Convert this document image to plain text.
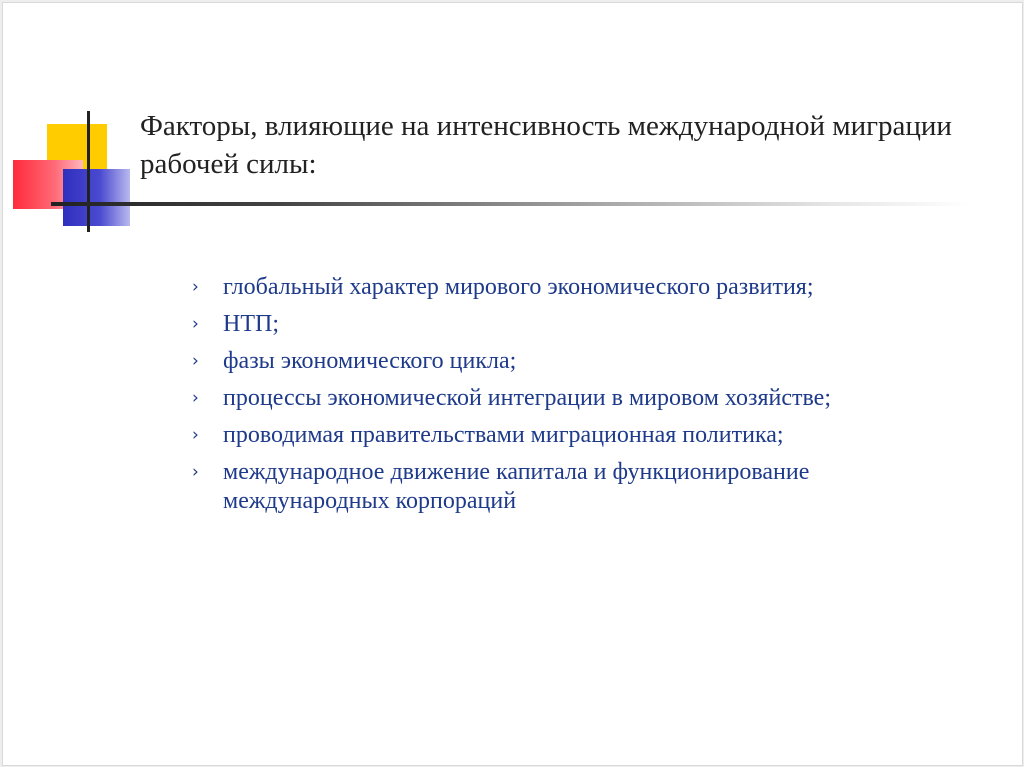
Факторы, влияющие на интенсивность международной миграции рабочей силы:
› глобальный характер мирового экономического развития;
› НТП;
› фазы экономического цикла;
› процессы экономической интеграции в мировом хозяйстве;
› проводимая правительствами миграционная политика;
› международное движение капитала и функционирование международных корпораций
